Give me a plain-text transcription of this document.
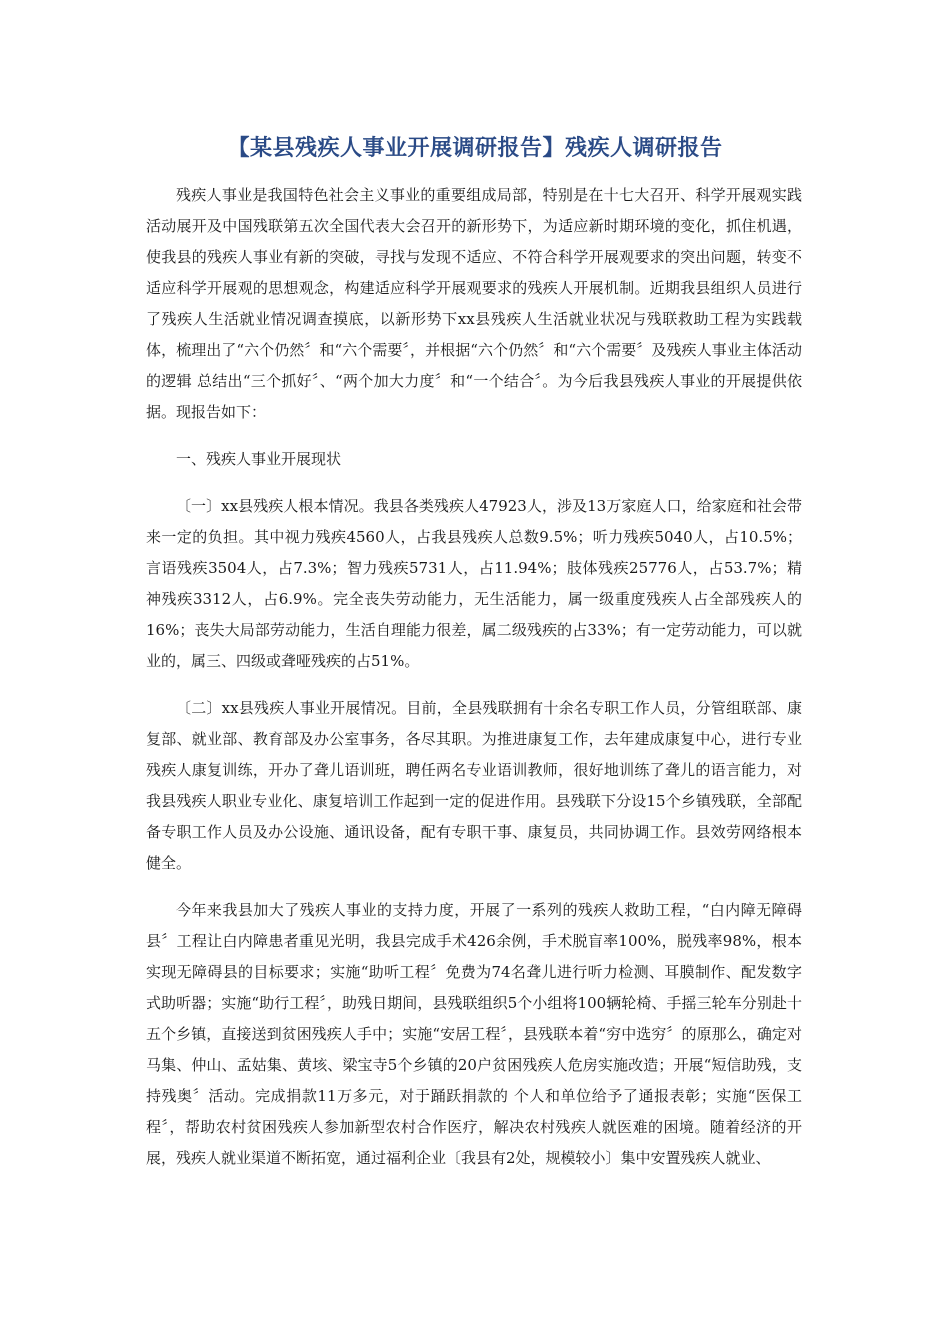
【某县残疾人事业开展调研报告】残疾人调研报告

残疾人事业是我国特色社会主义事业的重要组成局部，特别是在十七大召开、科学开展观实践活动展开及中国残联第五次全国代表大会召开的新形势下，为适应新时期环境的变化，抓住机遇，使我县的残疾人事业有新的突破，寻找与发现不适应、不符合科学开展观要求的突出问题，转变不适应科学开展观的思想观念，构建适应科学开展观要求的残疾人开展机制。近期我县组织人员进行了残疾人生活就业情况调查摸底，以新形势下xx县残疾人生活就业状况与残联救助工程为实践载体，梳理出了“六个仍然〞和“六个需要〞，并根据“六个仍然〞和“六个需要〞及残疾人事业主体活动的逻辑 总结出“三个抓好〞、“两个加大力度〞和“一个结合〞。为今后我县残疾人事业的开展提供依据。现报告如下：

一、残疾人事业开展现状

〔一〕xx县残疾人根本情况。我县各类残疾人47923人，涉及13万家庭人口，给家庭和社会带来一定的负担。其中视力残疾4560人，占我县残疾人总数9.5%；听力残疾5040人，占10.5%；言语残疾3504人，占7.3%；智力残疾5731人，占11.94%；肢体残疾25776人，占53.7%；精神残疾3312人，占6.9%。完全丧失劳动能力，无生活能力，属一级重度残疾人占全部残疾人的16%；丧失大局部劳动能力，生活自理能力很差，属二级残疾的占33%；有一定劳动能力，可以就业的，属三、四级或聋哑残疾的占51%。

〔二〕xx县残疾人事业开展情况。目前，全县残联拥有十余名专职工作人员，分管组联部、康复部、就业部、教育部及办公室事务，各尽其职。为推进康复工作，去年建成康复中心，进行专业残疾人康复训练，开办了聋儿语训班，聘任两名专业语训教师，很好地训练了聋儿的语言能力，对我县残疾人职业专业化、康复培训工作起到一定的促进作用。县残联下分设15个乡镇残联，全部配备专职工作人员及办公设施、通讯设备，配有专职干事、康复员，共同协调工作。县效劳网络根本健全。

今年来我县加大了残疾人事业的支持力度，开展了一系列的残疾人救助工程，“白内障无障碍县〞工程让白内障患者重见光明，我县完成手术426余例，手术脱盲率100%，脱残率98%，根本实现无障碍县的目标要求；实施“助听工程〞免费为74名聋儿进行听力检测、耳膜制作、配发数字式助听器；实施“助行工程〞，助残日期间，县残联组织5个小组将100辆轮椅、手摇三轮车分别赴十五个乡镇，直接送到贫困残疾人手中；实施“安居工程〞，县残联本着“穷中选穷〞的原那么，确定对马集、仲山、孟姑集、黄垓、梁宝寺5个乡镇的20户贫困残疾人危房实施改造；开展“短信助残，支持残奥〞活动。完成捐款11万多元，对于踊跃捐款的 个人和单位给予了通报表彰；实施“医保工程〞，帮助农村贫困残疾人参加新型农村合作医疗，解决农村残疾人就医难的困境。随着经济的开展，残疾人就业渠道不断拓宽，通过福利企业〔我县有2处，规模较小〕集中安置残疾人就业、
